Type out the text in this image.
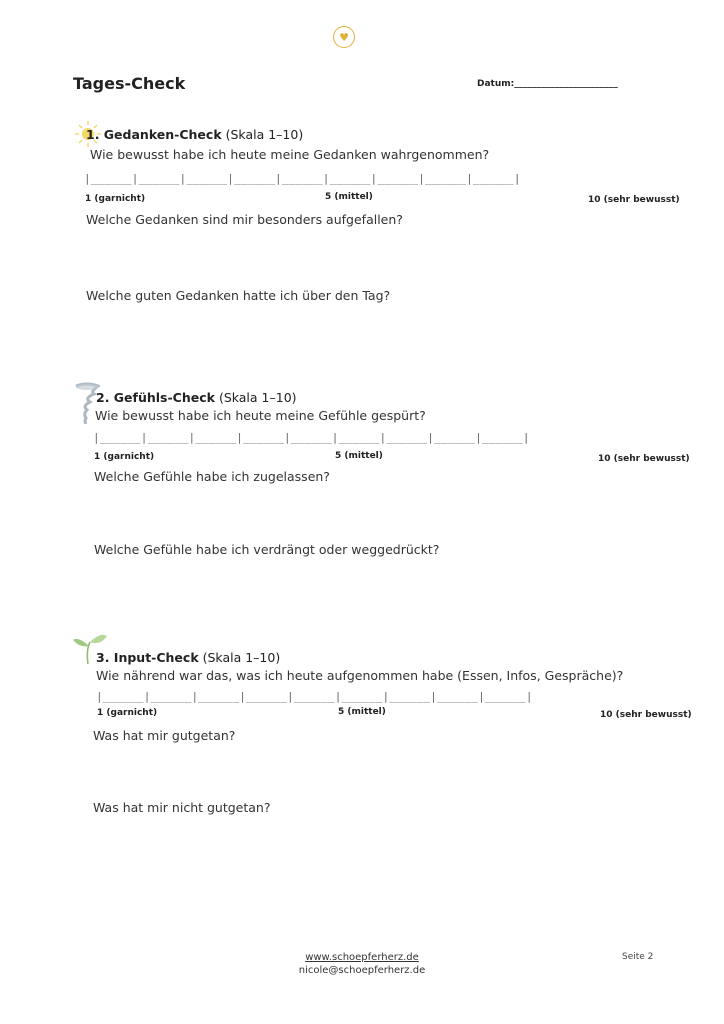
♥
Tages-Check	Datum:_______________________
1. Gedanken-Check (Skala 1–10)
Wie bewusst habe ich heute meine Gedanken wahrgenommen?
|______|______|______|______|______|______|______|______|______|
1 (garnicht)	5 (mittel)	10 (sehr bewusst)
Welche Gedanken sind mir besonders aufgefallen?
Welche guten Gedanken hatte ich über den Tag?
2. Gefühls-Check (Skala 1–10)
Wie bewusst habe ich heute meine Gefühle gespürt?
|______|______|______|______|______|______|______|______|______|
1 (garnicht)	5 (mittel)	10 (sehr bewusst)
Welche Gefühle habe ich zugelassen?
Welche Gefühle habe ich verdrängt oder weggedrückt?
3. Input-Check (Skala 1–10)
Wie nährend war das, was ich heute aufgenommen habe (Essen, Infos, Gespräche)?
|______|______|______|______|______|______|______|______|______|
1 (garnicht)	5 (mittel)	10 (sehr bewusst)
Was hat mir gutgetan?
Was hat mir nicht gutgetan?
www.schoepferherz.de
nicole@schoepferherz.de
Seite 2
